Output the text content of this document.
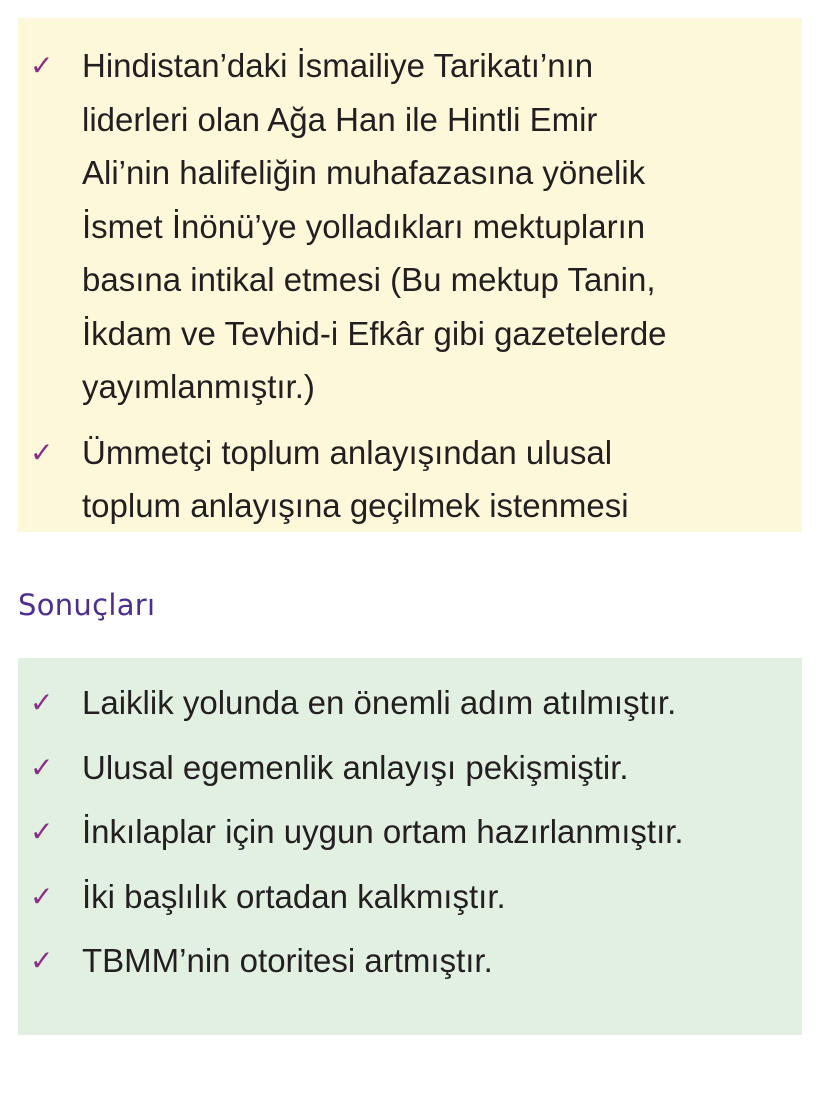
✓ Hindistan’daki İsmailiye Tarikatı’nın
liderleri olan Ağa Han ile Hintli Emir
Ali’nin halifeliğin muhafazasına yönelik
İsmet İnönü’ye yolladıkları mektupların
basına intikal etmesi (Bu mektup Tanin,
İkdam ve Tevhid-i Efkâr gibi gazetelerde
yayımlanmıştır.)
✓ Ümmetçi toplum anlayışından ulusal
toplum anlayışına geçilmek istenmesi
Sonuçları
✓ Laiklik yolunda en önemli adım atılmıştır.
✓ Ulusal egemenlik anlayışı pekişmiştir.
✓ İnkılaplar için uygun ortam hazırlanmıştır.
✓ İki başlılık ortadan kalkmıştır.
✓ TBMM’nin otoritesi artmıştır.
